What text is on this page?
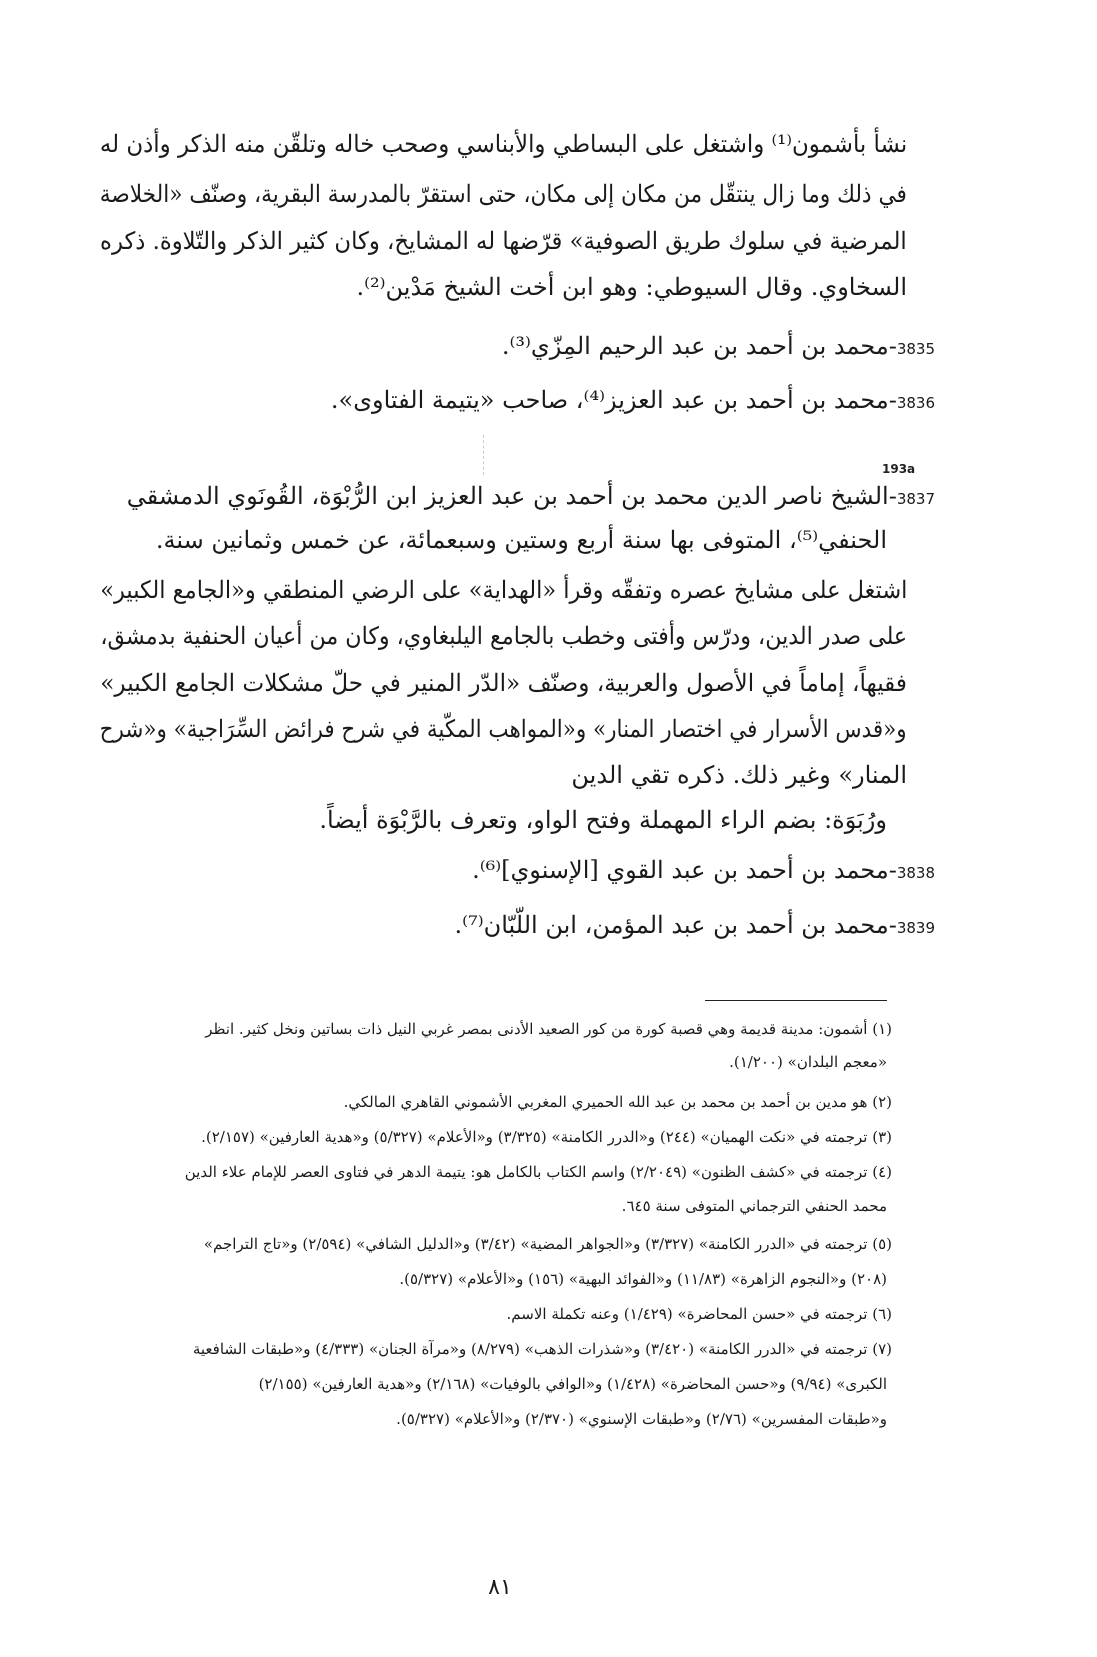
نشأ بأشمون⁽¹⁾ واشتغل على البساطي والأبناسي وصحب خاله وتلقّن منه الذكر وأذن له
في ذلك وما زال ينتقّل من مكان إلى مكان، حتى استقرّ بالمدرسة البقرية، وصنّف «الخلاصة
المرضية في سلوك طريق الصوفية» قرّضها له المشايخ، وكان كثير الذكر والتّلاوة. ذكره
السخاوي. وقال السيوطي: وهو ابن أخت الشيخ مَدْين⁽²⁾.
3835-محمد بن أحمد بن عبد الرحيم المِزّي⁽³⁾.
3836-محمد بن أحمد بن عبد العزيز⁽⁴⁾، صاحب «يتيمة الفتاوى».
193a
3837-الشيخ ناصر الدين محمد بن أحمد بن عبد العزيز ابن الرُّبْوَة، القُونَوي الدمشقي
الحنفي⁽⁵⁾، المتوفى بها سنة أربع وستين وسبعمائة، عن خمس وثمانين سنة.
اشتغل على مشايخ عصره وتفقّه وقرأ «الهداية» على الرضي المنطقي و«الجامع الكبير»
على صدر الدين، ودرّس وأفتى وخطب بالجامع اليلبغاوي، وكان من أعيان الحنفية بدمشق،
فقيهاً، إماماً في الأصول والعربية، وصنّف «الدّر المنير في حلّ مشكلات الجامع الكبير»
و«قدس الأسرار في اختصار المنار» و«المواهب المكّية في شرح فرائض السِّرَاجية» و«شرح
المنار» وغير ذلك. ذكره تقي الدين
ورُبَوَة: بضم الراء المهملة وفتح الواو، وتعرف بالرَّبْوَة أيضاً.
3838-محمد بن أحمد بن عبد القوي [الإسنوي]⁽⁶⁾.
3839-محمد بن أحمد بن عبد المؤمن، ابن اللّبّان⁽⁷⁾.
(١) أشمون: مدينة قديمة وهي قصبة كورة من كور الصعيد الأدنى بمصر غربي النيل ذات بساتين ونخل كثير. انظر
«معجم البلدان» (١/٢٠٠).
(٢) هو مدين بن أحمد بن محمد بن عبد الله الحميري المغربي الأشموني القاهري المالكي.
(٣) ترجمته في «نكت الهميان» (٢٤٤) و«الدرر الكامنة» (٣/٣٢٥) و«الأعلام» (٥/٣٢٧) و«هدية العارفين» (٢/١٥٧).
(٤) ترجمته في «كشف الظنون» (٢/٢٠٤٩) واسم الكتاب بالكامل هو: يتيمة الدهر في فتاوى العصر للإمام علاء الدين
محمد الحنفي الترجماني المتوفى سنة ٦٤٥.
(٥) ترجمته في «الدرر الكامنة» (٣/٣٢٧) و«الجواهر المضية» (٣/٤٢) و«الدليل الشافي» (٢/٥٩٤) و«تاج التراجم»
(٢٠٨) و«النجوم الزاهرة» (١١/٨٣) و«الفوائد البهية» (١٥٦) و«الأعلام» (٥/٣٢٧).
(٦) ترجمته في «حسن المحاضرة» (١/٤٢٩) وعنه تكملة الاسم.
(٧) ترجمته في «الدرر الكامنة» (٣/٤٢٠) و«شذرات الذهب» (٨/٢٧٩) و«مرآة الجنان» (٤/٣٣٣) و«طبقات الشافعية
الكبرى» (٩/٩٤) و«حسن المحاضرة» (١/٤٢٨) و«الوافي بالوفيات» (٢/١٦٨) و«هدية العارفين» (٢/١٥٥)
و«طبقات المفسرين» (٢/٧٦) و«طبقات الإسنوي» (٢/٣٧٠) و«الأعلام» (٥/٣٢٧).
٨١
